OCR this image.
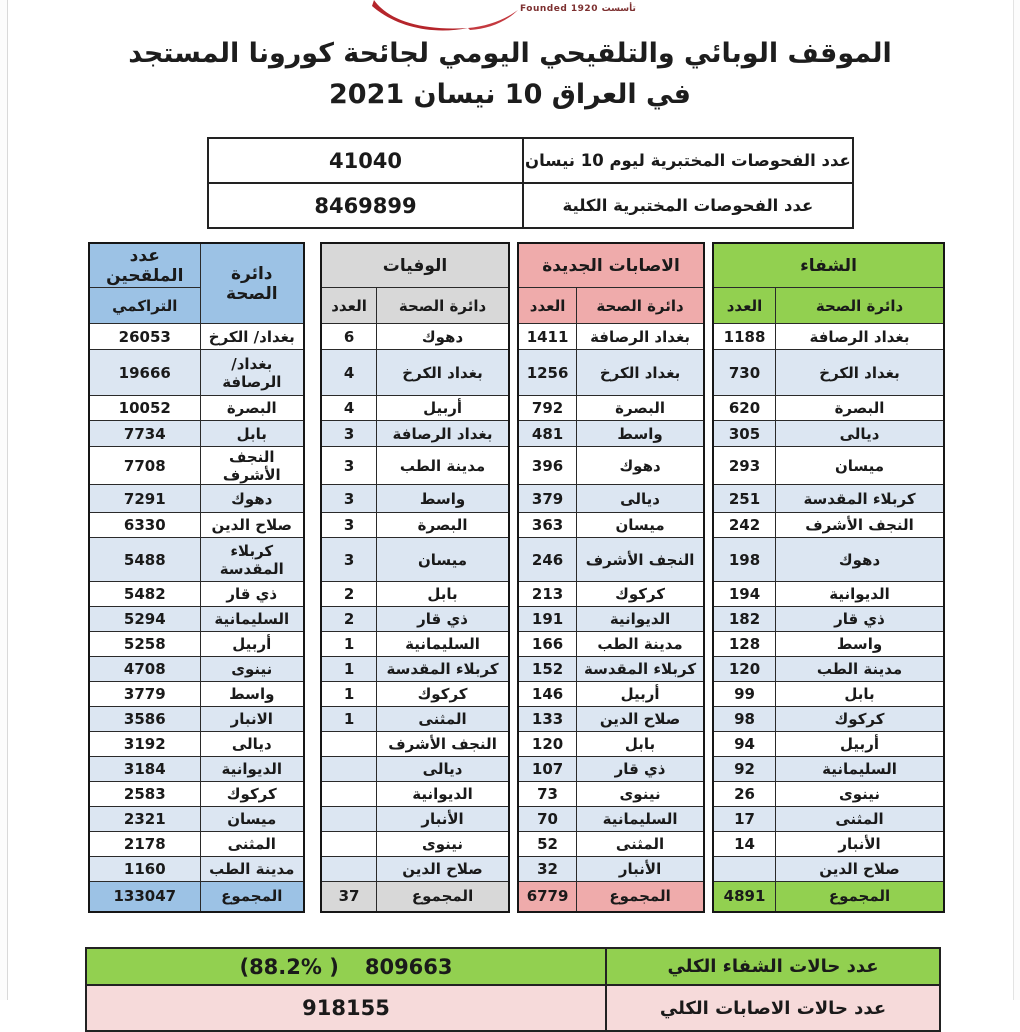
Founded 1920 تأسست
الموقف الوبائي والتلقيحي اليومي لجائحة كورونا المستجد
في العراق 10 نيسان 2021
41040	عدد الفحوصات المختبرية ليوم 10 نيسان
8469899	عدد الفحوصات المختبرية الكلية
عدد الملقحين	دائرة الصحة
التراكمي	
26053	بغداد/ الكرخ
19666	بغداد/ الرصافة
10052	البصرة
7734	بابل
7708	النجف الأشرف
7291	دهوك
6330	صلاح الدين
5488	كربلاء المقدسة
5482	ذي قار
5294	السليمانية
5258	أربيل
4708	نينوى
3779	واسط
3586	الانبار
3192	ديالى
3184	الديوانية
2583	كركوك
2321	ميسان
2178	المثنى
1160	مدينة الطب
133047	المجموع
الوفيات	
العدد	دائرة الصحة
6	دهوك
4	بغداد الكرخ
4	أربيل
3	بغداد الرصافة
3	مدينة الطب
3	واسط
3	البصرة
3	ميسان
2	بابل
2	ذي قار
1	السليمانية
1	كربلاء المقدسة
1	كركوك
1	المثنى
	النجف الأشرف
	ديالى
	الديوانية
	الأنبار
	نينوى
	صلاح الدين
37	المجموع
الاصابات الجديدة	
العدد	دائرة الصحة
1411	بغداد الرصافة
1256	بغداد الكرخ
792	البصرة
481	واسط
396	دهوك
379	ديالى
363	ميسان
246	النجف الأشرف
213	كركوك
191	الديوانية
166	مدينة الطب
152	كربلاء المقدسة
146	أربيل
133	صلاح الدين
120	بابل
107	ذي قار
73	نينوى
70	السليمانية
52	المثنى
32	الأنبار
6779	المجموع
الشفاء	
العدد	دائرة الصحة
1188	بغداد الرصافة
730	بغداد الكرخ
620	البصرة
305	ديالى
293	ميسان
251	كربلاء المقدسة
242	النجف الأشرف
198	دهوك
194	الديوانية
182	ذي قار
128	واسط
120	مدينة الطب
99	بابل
98	كركوك
94	أربيل
92	السليمانية
26	نينوى
17	المثنى
14	الأنبار
	صلاح الدين
4891	المجموع
(88.2% ) 809663	عدد حالات الشفاء الكلي
918155	عدد حالات الاصابات الكلي
